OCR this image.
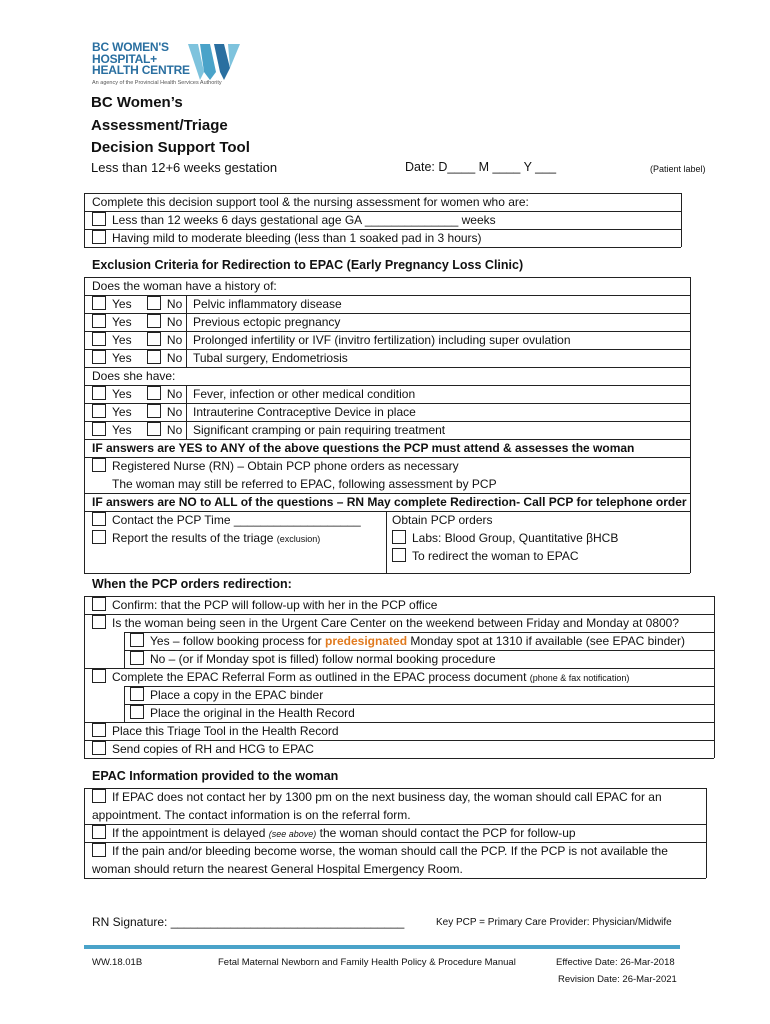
BC WOMEN'S
HOSPITAL+
HEALTH CENTRE
An agency of the Provincial Health Services Authority
BC Women’s
Assessment/Triage
Decision Support Tool
Less than 12+6 weeks gestation	Date: D____ M ____ Y ___	(Patient label)
Complete this decision support tool & the nursing assessment for women who are:
Less than 12 weeks 6 days gestational age GA ______________ weeks
Having mild to moderate bleeding (less than 1 soaked pad in 3 hours)
Exclusion Criteria for Redirection to EPAC (Early Pregnancy Loss Clinic)
Does the woman have a history of:
Yes	No Pelvic inflammatory disease
Yes	No Previous ectopic pregnancy
Yes	No Prolonged infertility or IVF (invitro fertilization) including super ovulation
Yes	No Tubal surgery, Endometriosis
Does she have:
Yes	No Fever, infection or other medical condition
Yes	No Intrauterine Contraceptive Device in place
Yes	No Significant cramping or pain requiring treatment
IF answers are YES to ANY of the above questions the PCP must attend & assesses the woman
Registered Nurse (RN) – Obtain PCP phone orders as necessary
The woman may still be referred to EPAC, following assessment by PCP
IF answers are NO to ALL of the questions – RN May complete Redirection- Call PCP for telephone order
Contact the PCP Time ___________________
Report the results of the triage (exclusion)
Obtain PCP orders
Labs: Blood Group, Quantitative βHCB
To redirect the woman to EPAC
When the PCP orders redirection:
Confirm: that the PCP will follow-up with her in the PCP office
Is the woman being seen in the Urgent Care Center on the weekend between Friday and Monday at 0800?
Yes – follow booking process for predesignated Monday spot at 1310 if available (see EPAC binder)
No – (or if Monday spot is filled) follow normal booking procedure
Complete the EPAC Referral Form as outlined in the EPAC process document (phone & fax notification)
Place a copy in the EPAC binder
Place the original in the Health Record
Place this Triage Tool in the Health Record
Send copies of RH and HCG to EPAC
EPAC Information provided to the woman
If EPAC does not contact her by 1300 pm on the next business day, the woman should call EPAC for an
appointment. The contact information is on the referral form.
If the appointment is delayed (see above) the woman should contact the PCP for follow-up
If the pain and/or bleeding become worse, the woman should call the PCP. If the PCP is not available the
woman should return the nearest General Hospital Emergency Room.
RN Signature: ___________________________________	Key PCP = Primary Care Provider: Physician/Midwife
WW.18.01B	Fetal Maternal Newborn and Family Health Policy & Procedure Manual	Effective Date: 26-Mar-2018
Revision Date: 26-Mar-2021
